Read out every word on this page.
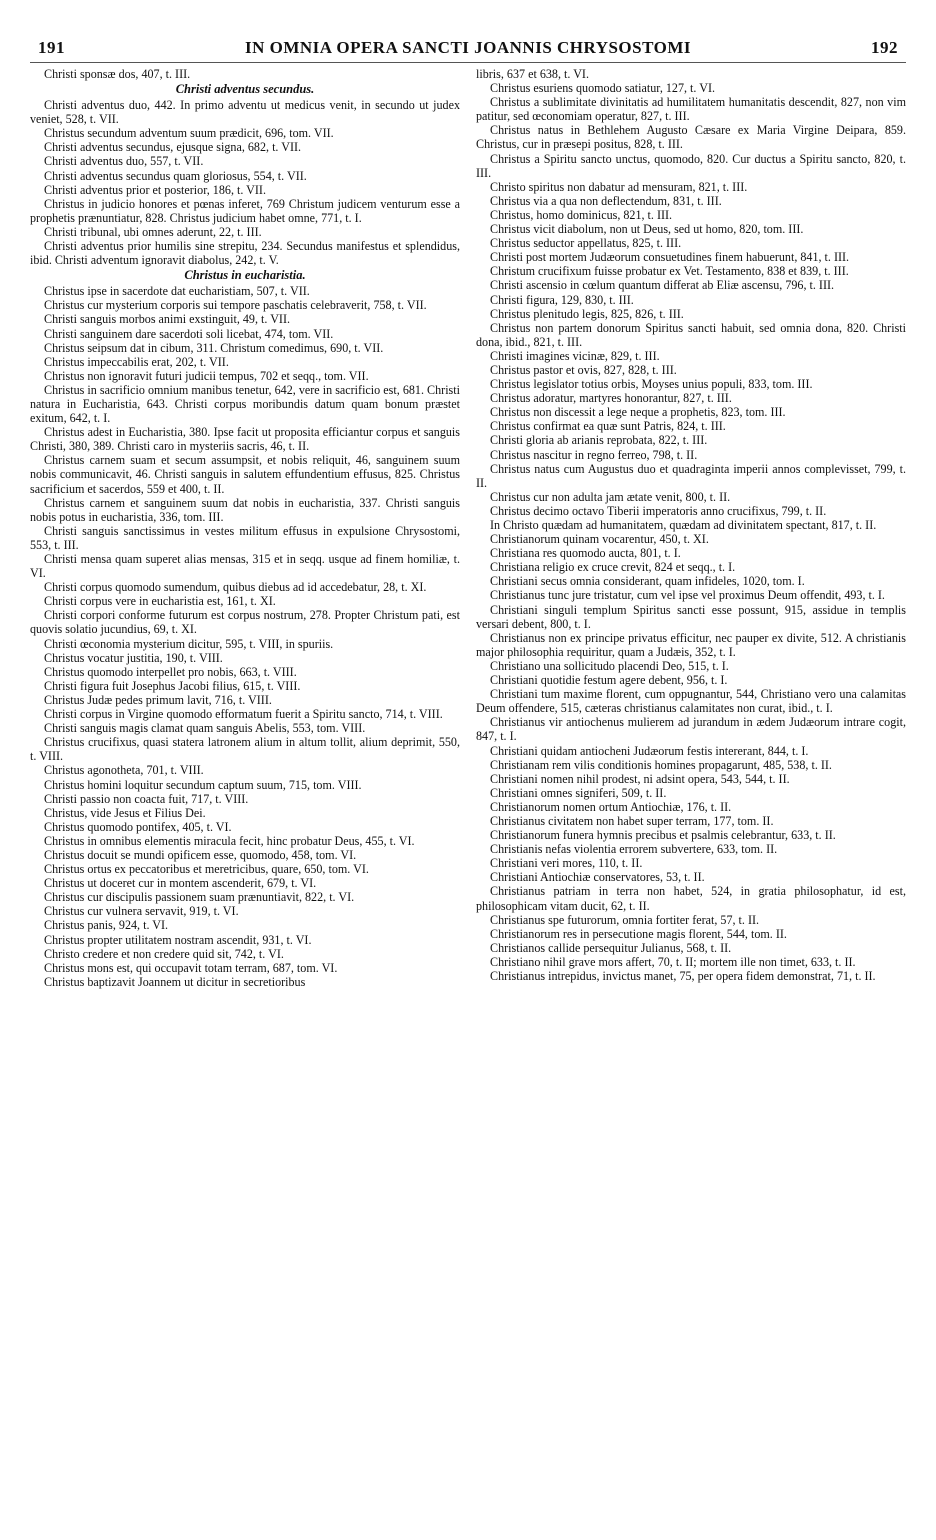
191	IN OMNIA OPERA SANCTI JOANNIS CHRYSOSTOMI	192

Christi sponsæ dos, 407, t. III.

Christi adventus secundus.

Christi adventus duo, 442. In primo adventu ut medicus venit, in secundo ut judex veniet, 528, t. VII.

Christus secundum adventum suum prædicit, 696, tom. VII.

Christi adventus secundus, ejusque signa, 682, t. VII.

Christi adventus duo, 557, t. VII.

Christi adventus secundus quam gloriosus, 554, t. VII.

Christi adventus prior et posterior, 186, t. VII.

Christus in judicio honores et pœnas inferet, 769 Christum judicem venturum esse a prophetis prænuntiatur, 828. Christus judicium habet omne, 771, t. I.

Christi tribunal, ubi omnes aderunt, 22, t. III.

Christi adventus prior humilis sine strepitu, 234. Secundus manifestus et splendidus, ibid. Christi adventum ignoravit diabolus, 242, t. V.

Christus in eucharistia.

Christus ipse in sacerdote dat eucharistiam, 507, t. VII.

Christus cur mysterium corporis sui tempore paschatis celebraverit, 758, t. VII.

Christi sanguis morbos animi exstinguit, 49, t. VII.

Christi sanguinem dare sacerdoti soli licebat, 474, tom. VII.

Christus seipsum dat in cibum, 311. Christum comedimus, 690, t. VII.

Christus impeccabilis erat, 202, t. VII.

Christus non ignoravit futuri judicii tempus, 702 et seqq., tom. VII.

Christus in sacrificio omnium manibus tenetur, 642, vere in sacrificio est, 681. Christi natura in Eucharistia, 643. Christi corpus moribundis datum quam bonum præstet exitum, 642, t. I.

Christus adest in Eucharistia, 380. Ipse facit ut proposita efficiantur corpus et sanguis Christi, 380, 389. Christi caro in mysteriis sacris, 46, t. II.

Christus carnem suam et secum assumpsit, et nobis reliquit, 46, sanguinem suum nobis communicavit, 46. Christi sanguis in salutem effundentium effusus, 825. Christus sacrificium et sacerdos, 559 et 400, t. II.

Christus carnem et sanguinem suum dat nobis in eucharistia, 337. Christi sanguis nobis potus in eucharistia, 336, tom. III.

Christi sanguis sanctissimus in vestes militum effusus in expulsione Chrysostomi, 553, t. III.

Christi mensa quam superet alias mensas, 315 et in seqq. usque ad finem homiliæ, t. VI.

Christi corpus quomodo sumendum, quibus diebus ad id accedebatur, 28, t. XI.

Christi corpus vere in eucharistia est, 161, t. XI.

Christi corpori conforme futurum est corpus nostrum, 278. Propter Christum pati, est quovis solatio jucundius, 69, t. XI.

Christi œconomia mysterium dicitur, 595, t. VIII, in spuriis.

Christus vocatur justitia, 190, t. VIII.

Christus quomodo interpellet pro nobis, 663, t. VIII.

Christi figura fuit Josephus Jacobi filius, 615, t. VIII.

Christus Judæ pedes primum lavit, 716, t. VIII.

Christi corpus in Virgine quomodo efformatum fuerit a Spiritu sancto, 714, t. VIII.

Christi sanguis magis clamat quam sanguis Abelis, 553, tom. VIII.

Christus crucifixus, quasi statera latronem alium in altum tollit, alium deprimit, 550, t. VIII.

Christus agonotheta, 701, t. VIII.

Christus homini loquitur secundum captum suum, 715, tom. VIII.

Christi passio non coacta fuit, 717, t. VIII.

Christus, vide Jesus et Filius Dei.

Christus quomodo pontifex, 405, t. VI.

Christus in omnibus elementis miracula fecit, hinc probatur Deus, 455, t. VI.

Christus docuit se mundi opificem esse, quomodo, 458, tom. VI.

Christus ortus ex peccatoribus et meretricibus, quare, 650, tom. VI.

Christus ut doceret cur in montem ascenderit, 679, t. VI.

Christus cur discipulis passionem suam prænuntiavit, 822, t. VI.

Christus cur vulnera servavit, 919, t. VI.

Christus panis, 924, t. VI.

Christus propter utilitatem nostram ascendit, 931, t. VI.

Christo credere et non credere quid sit, 742, t. VI.

Christus mons est, qui occupavit totam terram, 687, tom. VI.

Christus baptizavit Joannem ut dicitur in secretioribus

libris, 637 et 638, t. VI.

Christus esuriens quomodo satiatur, 127, t. VI.

Christus a sublimitate divinitatis ad humilitatem humanitatis descendit, 827, non vim patitur, sed œconomiam operatur, 827, t. III.

Christus natus in Bethlehem Augusto Cæsare ex Maria Virgine Deipara, 859. Christus, cur in præsepi positus, 828, t. III.

Christus a Spiritu sancto unctus, quomodo, 820. Cur ductus a Spiritu sancto, 820, t. III.

Christo spiritus non dabatur ad mensuram, 821, t. III.

Christus via a qua non deflectendum, 831, t. III.

Christus, homo dominicus, 821, t. III.

Christus vicit diabolum, non ut Deus, sed ut homo, 820, tom. III.

Christus seductor appellatus, 825, t. III.

Christi post mortem Judæorum consuetudines finem habuerunt, 841, t. III.

Christum crucifixum fuisse probatur ex Vet. Testamento, 838 et 839, t. III.

Christi ascensio in cœlum quantum differat ab Eliæ ascensu, 796, t. III.

Christi figura, 129, 830, t. III.

Christus plenitudo legis, 825, 826, t. III.

Christus non partem donorum Spiritus sancti habuit, sed omnia dona, 820. Christi dona, ibid., 821, t. III.

Christi imagines vicinæ, 829, t. III.

Christus pastor et ovis, 827, 828, t. III.

Christus legislator totius orbis, Moyses unius populi, 833, tom. III.

Christus adoratur, martyres honorantur, 827, t. III.

Christus non discessit a lege neque a prophetis, 823, tom. III.

Christus confirmat ea quæ sunt Patris, 824, t. III.

Christi gloria ab arianis reprobata, 822, t. III.

Christus nascitur in regno ferreo, 798, t. II.

Christus natus cum Augustus duo et quadraginta imperii annos complevisset, 799, t. II.

Christus cur non adulta jam ætate venit, 800, t. II.

Christus decimo octavo Tiberii imperatoris anno crucifixus, 799, t. II.

In Christo quædam ad humanitatem, quædam ad divinitatem spectant, 817, t. II.

Christianorum quinam vocarentur, 450, t. XI.

Christiana res quomodo aucta, 801, t. I.

Christiana religio ex cruce crevit, 824 et seqq., t. I.

Christiani secus omnia considerant, quam infideles, 1020, tom. I.

Christianus tunc jure tristatur, cum vel ipse vel proximus Deum offendit, 493, t. I.

Christiani singuli templum Spiritus sancti esse possunt, 915, assidue in templis versari debent, 800, t. I.

Christianus non ex principe privatus efficitur, nec pauper ex divite, 512. A christianis major philosophia requiritur, quam a Judæis, 352, t. I.

Christiano una sollicitudo placendi Deo, 515, t. I.

Christiani quotidie festum agere debent, 956, t. I.

Christiani tum maxime florent, cum oppugnantur, 544, Christiano vero una calamitas Deum offendere, 515, cæteras christianus calamitates non curat, ibid., t. I.

Christianus vir antiochenus mulierem ad jurandum in ædem Judæorum intrare cogit, 847, t. I.

Christiani quidam antiocheni Judæorum festis intererant, 844, t. I.

Christianam rem vilis conditionis homines propagarunt, 485, 538, t. II.

Christiani nomen nihil prodest, ni adsint opera, 543, 544, t. II.

Christiani omnes signiferi, 509, t. II.

Christianorum nomen ortum Antiochiæ, 176, t. II.

Christianus civitatem non habet super terram, 177, tom. II.

Christianorum funera hymnis precibus et psalmis celebrantur, 633, t. II.

Christianis nefas violentia errorem subvertere, 633, tom. II.

Christiani veri mores, 110, t. II.

Christiani Antiochiæ conservatores, 53, t. II.

Christianus patriam in terra non habet, 524, in gratia philosophatur, id est, philosophicam vitam ducit, 62, t. II.

Christianus spe futurorum, omnia fortiter ferat, 57, t. II.

Christianorum res in persecutione magis florent, 544, tom. II.

Christianos callide persequitur Julianus, 568, t. II.

Christiano nihil grave mors affert, 70, t. II; mortem ille non timet, 633, t. II.

Christianus intrepidus, invictus manet, 75, per opera fidem demonstrat, 71, t. II.
